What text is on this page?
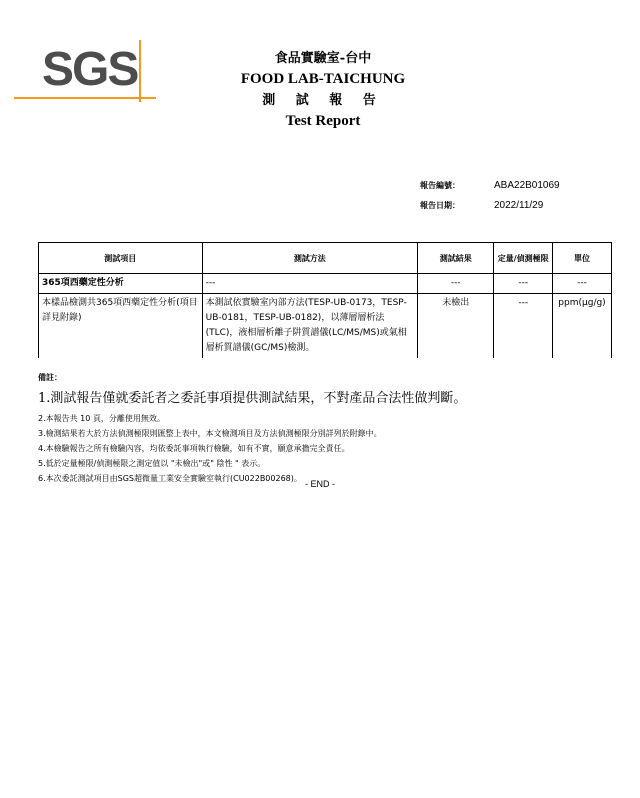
SGS	食品實驗室-台中
FOOD LAB-TAICHUNG
測 試 報 告
Test Report
報告編號：	ABA22B01069
報告日期：	2022/11/29
測試項目	測試方法	測試結果	定量/偵測極限	單位
365項西藥定性分析	---	---	---	---
本樣品檢測共365項西藥定性分析(項目詳見附錄)	本測試依實驗室內部方法(TESP-UB-0173，TESP-UB-0181，TESP-UB-0182)，以薄層層析法(TLC)，液相層析離子阱質譜儀(LC/MS/MS)或氣相層析質譜儀(GC/MS)檢測。	未檢出	---	ppm(μg/g)
備註：
1.測試報告僅就委託者之委託事項提供測試結果，不對產品合法性做判斷。
2.本報告共 10 頁，分離使用無效。
3.檢測結果若大於方法偵測極限則匯整上表中，本文檢測項目及方法偵測極限分別詳列於附錄中。
4.本檢驗報告之所有檢驗內容，均依委託事項執行檢驗，如有不實，願意承擔完全責任。
5.低於定量極限/偵測極限之測定值以 "未檢出"或" 陰性 " 表示。
6.本次委託測試項目由SGS超微量工業安全實驗室執行(CU022B00268)。
- END -
